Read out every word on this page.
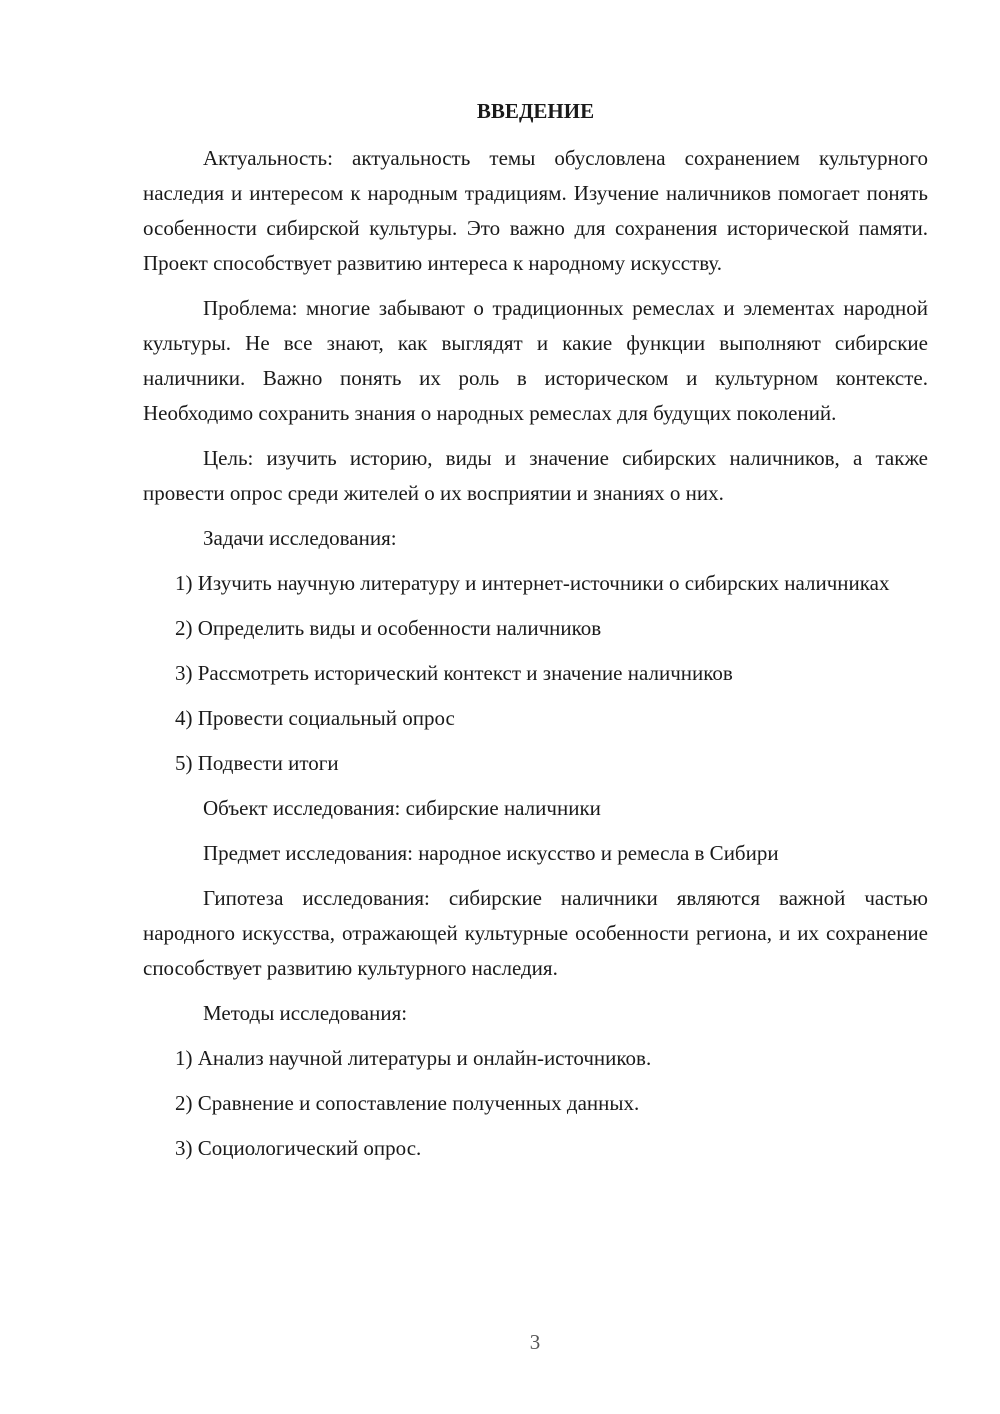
ВВЕДЕНИЕ

Актуальность: актуальность темы обусловлена сохранением культурного наследия и интересом к народным традициям. Изучение наличников помогает понять особенности сибирской культуры. Это важно для сохранения исторической памяти. Проект способствует развитию интереса к народному искусству.

Проблема: многие забывают о традиционных ремеслах и элементах народной культуры. Не все знают, как выглядят и какие функции выполняют сибирские наличники. Важно понять их роль в историческом и культурном контексте. Необходимо сохранить знания о народных ремеслах для будущих поколений.

Цель: изучить историю, виды и значение сибирских наличников, а также провести опрос среди жителей о их восприятии и знаниях о них.

Задачи исследования:

1) Изучить научную литературу и интернет-источники о сибирских наличниках

2) Определить виды и особенности наличников

3) Рассмотреть исторический контекст и значение наличников

4) Провести социальный опрос

5) Подвести итоги

Объект исследования: сибирские наличники
Предмет исследования: народное искусство и ремесла в Сибири

Гипотеза исследования: сибирские наличники являются важной частью народного искусства, отражающей культурные особенности региона, и их сохранение способствует развитию культурного наследия.

Методы исследования:

1) Анализ научной литературы и онлайн-источников.

2) Сравнение и сопоставление полученных данных.

3) Социологический опрос.

3
